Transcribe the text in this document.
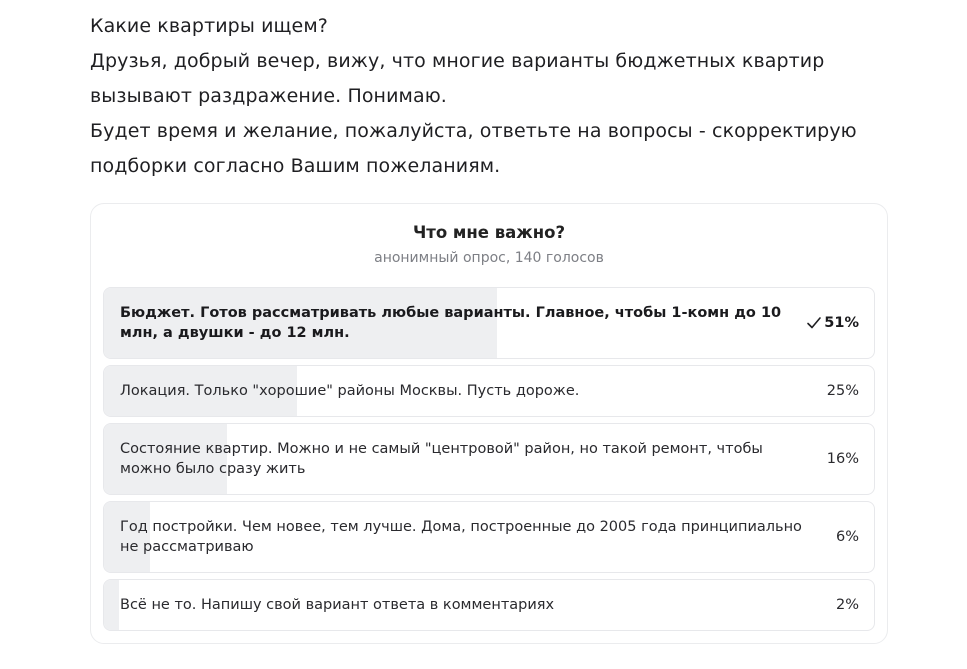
Какие квартиры ищем?

Друзья, добрый вечер, вижу, что многие варианты бюджетных квартир вызывают раздражение. Понимаю.

Будет время и желание, пожалуйста, ответьте на вопросы - скорректирую подборки согласно Вашим пожеланиям.

Что мне важно?
анонимный опрос, 140 голосов
Бюджет. Готов рассматривать любые варианты. Главное, чтобы 1-комн до 10 млн, а двушки - до 12 млн.
51%
Локация. Только "хорошие" районы Москвы. Пусть дороже.	25%
Состояние квартир. Можно и не самый "центровой" район, но такой ремонт, чтобы можно было сразу жить
16%
Год постройки. Чем новее, тем лучше. Дома, построенные до 2005 года принципиально не рассматриваю
6%
Всё не то. Напишу свой вариант ответа в комментариях	2%
